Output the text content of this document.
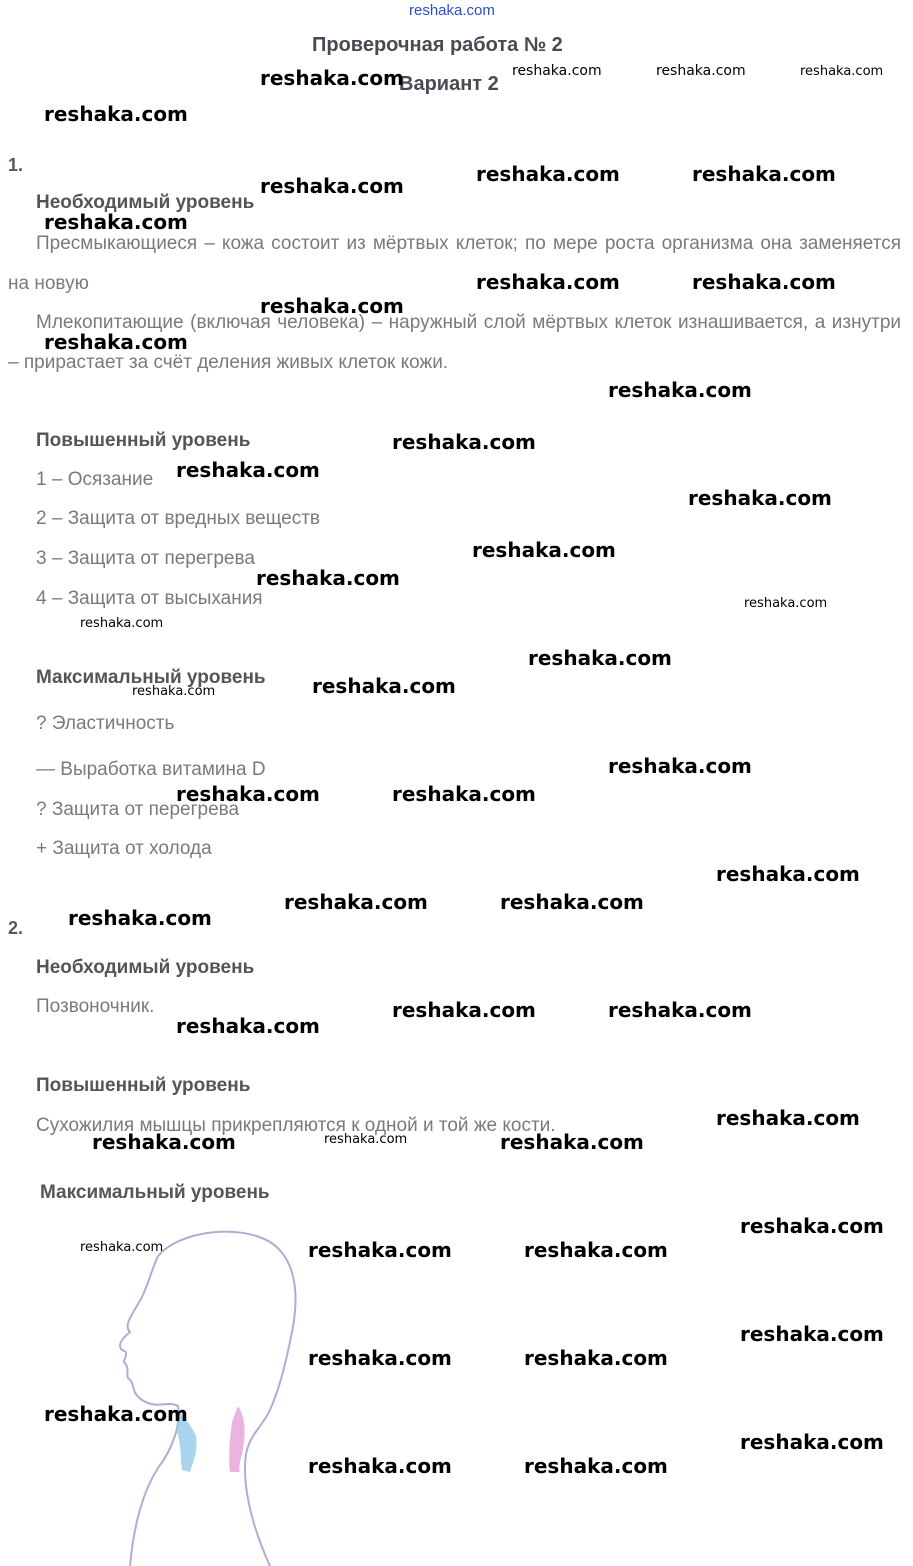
reshaka.com
Проверочная работа № 2
Вариант 2
1.
Необходимый уровень
Пресмыкающиеся – кожа состоит из мёртвых клеток; по мере роста организма она заменяется на новую
Млекопитающие (включая человека) – наружный слой мёртвых клеток изнашивается, а изнутри – прирастает за счёт деления живых клеток кожи.
Повышенный уровень
1 – Осязание
2 – Защита от вредных веществ
3 – Защита от перегрева
4 – Защита от высыхания
Максимальный уровень
? Эластичность
— Выработка витамина D
? Защита от перегрева
+ Защита от холода
2.
Необходимый уровень
Позвоночник.
Повышенный уровень
Сухожилия мышцы прикрепляются к одной и той же кости.
Максимальный уровень
reshaka.com	reshaka.com	reshaka.com	reshaka.com
reshaka.com
reshaka.com	reshaka.com	reshaka.com
reshaka.com
reshaka.com	reshaka.com
reshaka.com
reshaka.com
reshaka.com
reshaka.com
reshaka.com
reshaka.com
reshaka.com
reshaka.com
reshaka.com
reshaka.com
reshaka.com
reshaka.com
reshaka.com
reshaka.com
reshaka.com	reshaka.com
reshaka.com
reshaka.com	reshaka.com
reshaka.com
reshaka.com	reshaka.com
reshaka.com
reshaka.com
reshaka.com	reshaka.com	reshaka.com
reshaka.com
reshaka.com	reshaka.com	reshaka.com
reshaka.com
reshaka.com	reshaka.com
reshaka.com
reshaka.com
reshaka.com	reshaka.com
